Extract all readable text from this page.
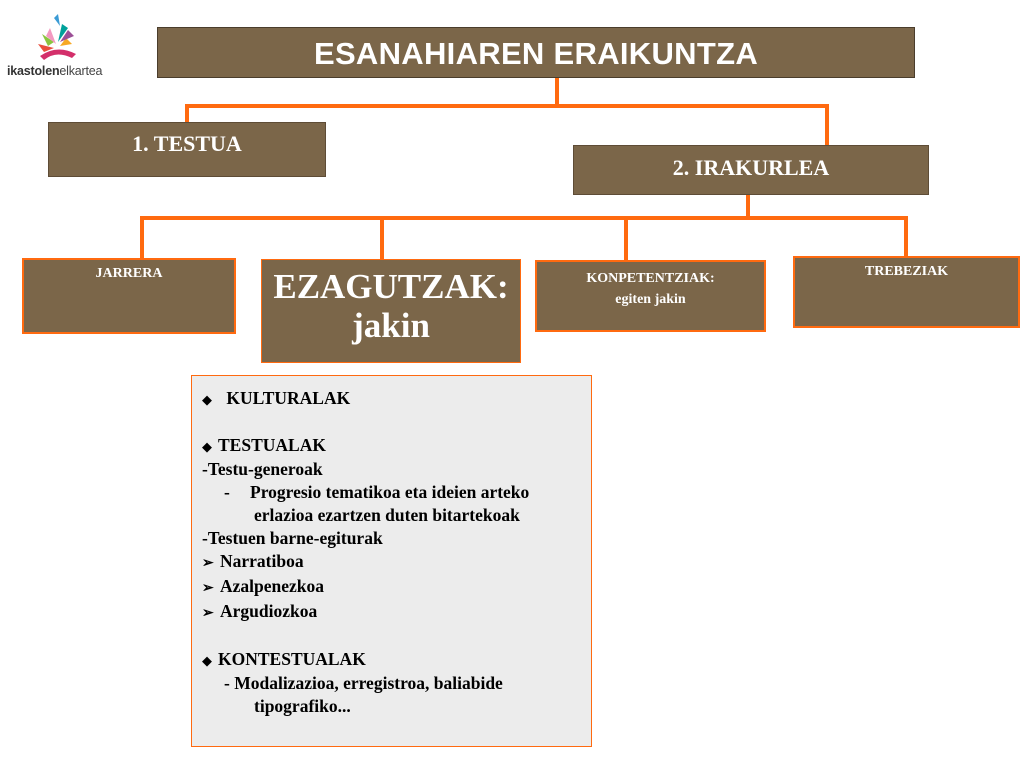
ikastolenelkartea	ESANAHIAREN ERAIKUNTZA
1. TESTUA
2. IRAKURLEA
JARRERA	EZAGUTZAK:
jakin
KONPETENTZIAK:
egiten jakin
TREBEZIAK
◆ KULTURALAK
◆ TESTUALAK
-Testu-generoak
- Progresio tematikoa eta ideien arteko
erlazioa ezartzen duten bitartekoak
-Testuen barne-egiturak
➢ Narratiboa
➢ Azalpenezkoa
➢ Argudiozkoa
◆ KONTESTUALAK
- Modalizazioa, erregistroa, baliabide
tipografiko...
